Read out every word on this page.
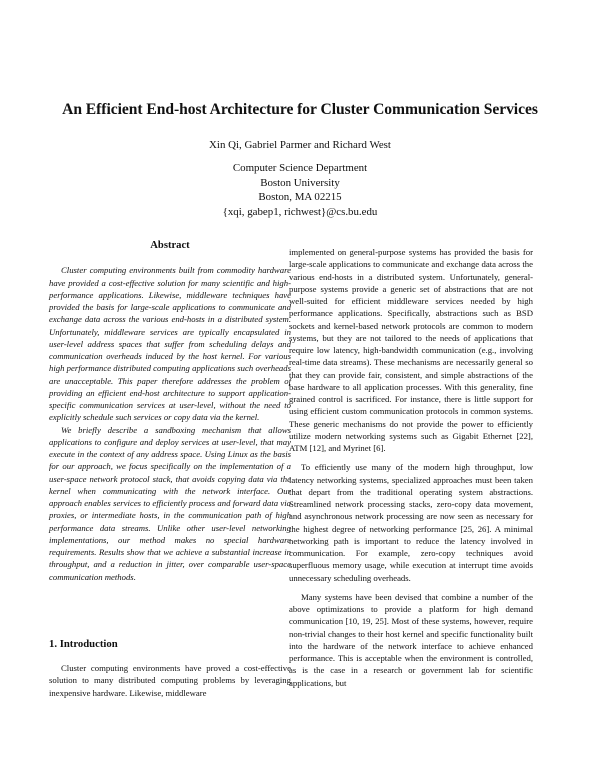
An Efficient End-host Architecture for Cluster Communication Services
Xin Qi, Gabriel Parmer and Richard West
Computer Science Department
Boston University
Boston, MA 02215
{xqi, gabep1, richwest}@cs.bu.edu
Abstract

Cluster computing environments built from commodity hardware have provided a cost-effective solution for many scientific and high-performance applications. Likewise, middleware techniques have provided the basis for large-scale applications to communicate and exchange data across the various end-hosts in a distributed system. Unfortunately, middleware services are typically encapsulated in user-level address spaces that suffer from scheduling delays and communication overheads induced by the host kernel. For various high performance distributed computing applications such overheads are unacceptable. This paper therefore addresses the problem of providing an efficient end-host architecture to support application-specific communication services at user-level, without the need to explicitly schedule such services or copy data via the kernel.

We briefly describe a sandboxing mechanism that allows applications to configure and deploy services at user-level, that may execute in the context of any address space. Using Linux as the basis for our approach, we focus specifically on the implementation of a user-space network protocol stack, that avoids copying data via the kernel when communicating with the network interface. Our approach enables services to efficiently process and forward data via proxies, or intermediate hosts, in the communication path of high performance data streams. Unlike other user-level networking implementations, our method makes no special hardware requirements. Results show that we achieve a substantial increase in throughput, and a reduction in jitter, over comparable user-space communication methods.

1. Introduction

Cluster computing environments have proved a cost-effective solution to many distributed computing problems by leveraging inexpensive hardware. Likewise, middleware

implemented on general-purpose systems has provided the basis for large-scale applications to communicate and exchange data across the various end-hosts in a distributed system. Unfortunately, general-purpose systems provide a generic set of abstractions that are not well-suited for efficient middleware services needed by high performance applications. Specifically, abstractions such as BSD sockets and kernel-based network protocols are common to modern systems, but they are not tailored to the needs of applications that require low latency, high-bandwidth communication (e.g., involving real-time data streams). These mechanisms are necessarily general so that they can provide fair, consistent, and simple abstractions of the base hardware to all application processes. With this generality, fine grained control is sacrificed. For instance, there is little support for using efficient custom communication protocols in common systems. These generic mechanisms do not provide the power to efficiently utilize modern networking systems such as Gigabit Ethernet [22], ATM [12], and Myrinet [6].

To efficiently use many of the modern high throughput, low latency networking systems, specialized approaches must been taken that depart from the traditional operating system abstractions. Streamlined network processing stacks, zero-copy data movement, and asynchronous network processing are now seen as necessary for the highest degree of networking performance [25, 26]. A minimal networking path is important to reduce the latency involved in communication. For example, zero-copy techniques avoid superfluous memory usage, while execution at interrupt time avoids unnecessary scheduling overheads.

Many systems have been devised that combine a number of the above optimizations to provide a platform for high demand communication [10, 19, 25]. Most of these systems, however, require non-trivial changes to their host kernel and specific functionality built into the hardware of the network interface to achieve enhanced performance. This is acceptable when the environment is controlled, as is the case in a research or government lab for scientific applications, but
